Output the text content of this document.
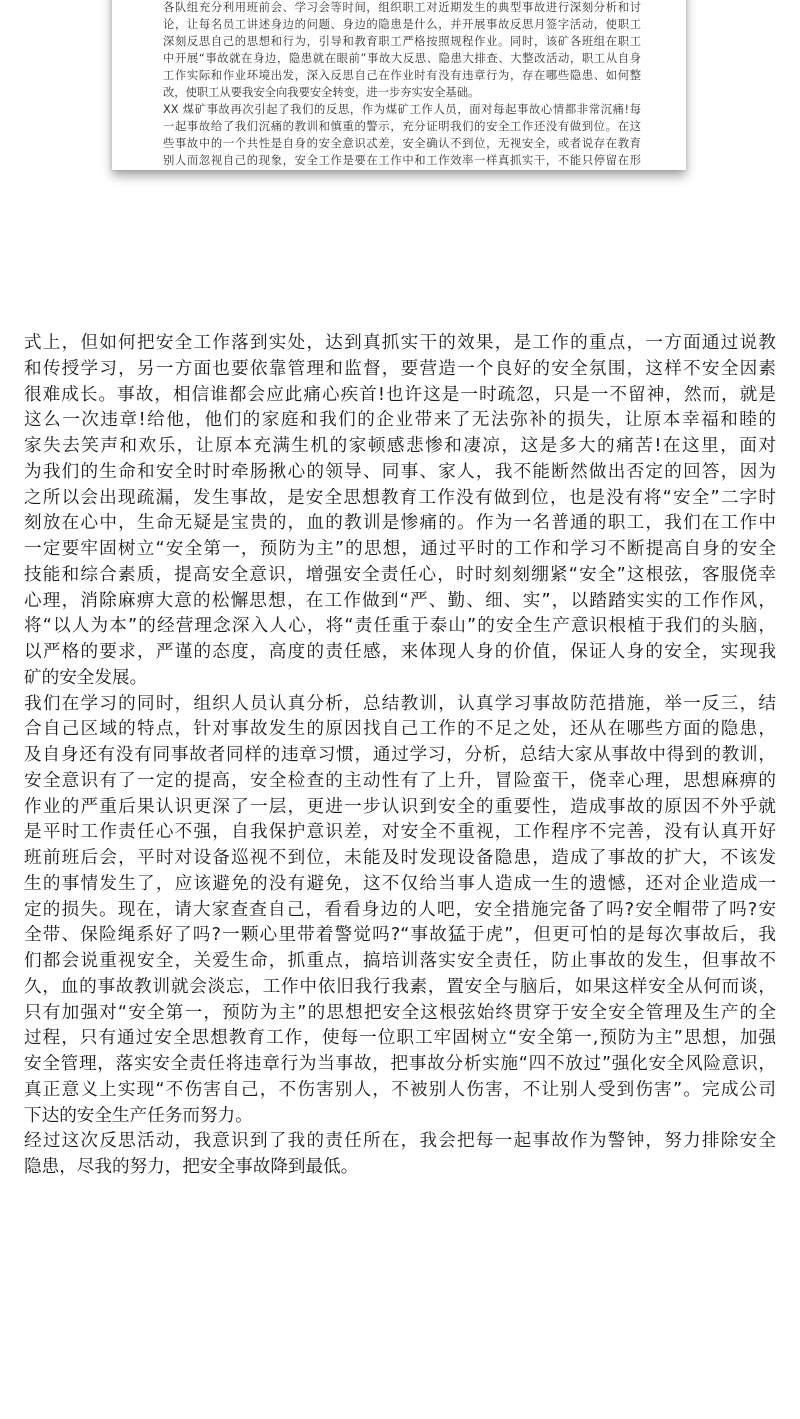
各队组充分利用班前会、学习会等时间，组织职工对近期发生的典型事故进行深刻分析和讨
论，让每名员工讲述身边的问题、身边的隐患是什么，并开展事故反思月签字活动，使职工
深刻反思自己的思想和行为，引导和教育职工严格按照规程作业。同时，该矿各班组在职工
中开展“事故就在身边，隐患就在眼前”事故大反思、隐患大排查、大整改活动，职工从自身
工作实际和作业环境出发，深入反思自己在作业时有没有违章行为，存在哪些隐患、如何整
改，使职工从要我安全向我要安全转变，进一步夯实安全基础。
XX 煤矿事故再次引起了我们的反思，作为煤矿工作人员，面对每起事故心情都非常沉痛!每
一起事故给了我们沉痛的教训和慎重的警示，充分证明我们的安全工作还没有做到位。在这
些事故中的一个共性是自身的安全意识忒差，安全确认不到位，无视安全，或者说存在教育
别人而忽视自己的现象，安全工作是要在工作中和工作效率一样真抓实干，不能只停留在形
式上，但如何把安全工作落到实处，达到真抓实干的效果，是工作的重点，一方面通过说教
和传授学习，另一方面也要依靠管理和监督，要营造一个良好的安全氛围，这样不安全因素
很难成长。事故，相信谁都会应此痛心疾首!也许这是一时疏忽，只是一不留神，然而，就是
这么一次违章!给他，他们的家庭和我们的企业带来了无法弥补的损失，让原本幸福和睦的
家失去笑声和欢乐，让原本充满生机的家顿感悲惨和凄凉，这是多大的痛苦!在这里，面对
为我们的生命和安全时时牵肠揪心的领导、同事、家人，我不能断然做出否定的回答，因为
之所以会出现疏漏，发生事故，是安全思想教育工作没有做到位，也是没有将“安全”二字时
刻放在心中，生命无疑是宝贵的，血的教训是惨痛的。作为一名普通的职工，我们在工作中
一定要牢固树立“安全第一，预防为主”的思想，通过平时的工作和学习不断提高自身的安全
技能和综合素质，提高安全意识，增强安全责任心，时时刻刻绷紧“安全”这根弦，客服侥幸
心理，消除麻痹大意的松懈思想，在工作做到“严、勤、细、实”，以踏踏实实的工作作风，
将“以人为本”的经营理念深入人心，将“责任重于泰山”的安全生产意识根植于我们的头脑，
以严格的要求，严谨的态度，高度的责任感，来体现人身的价值，保证人身的安全，实现我
矿的安全发展。
我们在学习的同时，组织人员认真分析，总结教训，认真学习事故防范措施，举一反三，结
合自己区域的特点，针对事故发生的原因找自己工作的不足之处，还从在哪些方面的隐患，
及自身还有没有同事故者同样的违章习惯，通过学习，分析，总结大家从事故中得到的教训，
安全意识有了一定的提高，安全检查的主动性有了上升，冒险蛮干，侥幸心理，思想麻痹的
作业的严重后果认识更深了一层，更进一步认识到安全的重要性，造成事故的原因不外乎就
是平时工作责任心不强，自我保护意识差，对安全不重视，工作程序不完善，没有认真开好
班前班后会，平时对设备巡视不到位，未能及时发现设备隐患，造成了事故的扩大，不该发
生的事情发生了，应该避免的没有避免，这不仅给当事人造成一生的遗憾，还对企业造成一
定的损失。现在，请大家查查自己，看看身边的人吧，安全措施完备了吗?安全帽带了吗?安
全带、保险绳系好了吗?一颗心里带着警觉吗?“事故猛于虎”，但更可怕的是每次事故后，我
们都会说重视安全，关爱生命，抓重点，搞培训落实安全责任，防止事故的发生，但事故不
久，血的事故教训就会淡忘，工作中依旧我行我素，置安全与脑后，如果这样安全从何而谈，
只有加强对“安全第一，预防为主”的思想把安全这根弦始终贯穿于安全安全管理及生产的全
过程，只有通过安全思想教育工作，使每一位职工牢固树立“安全第一,预防为主”思想，加强
安全管理，落实安全责任将违章行为当事故，把事故分析实施“四不放过”强化安全风险意识，
真正意义上实现“不伤害自己，不伤害别人，不被别人伤害，不让别人受到伤害”。完成公司
下达的安全生产任务而努力。
经过这次反思活动，我意识到了我的责任所在，我会把每一起事故作为警钟，努力排除安全
隐患，尽我的努力，把安全事故降到最低。
